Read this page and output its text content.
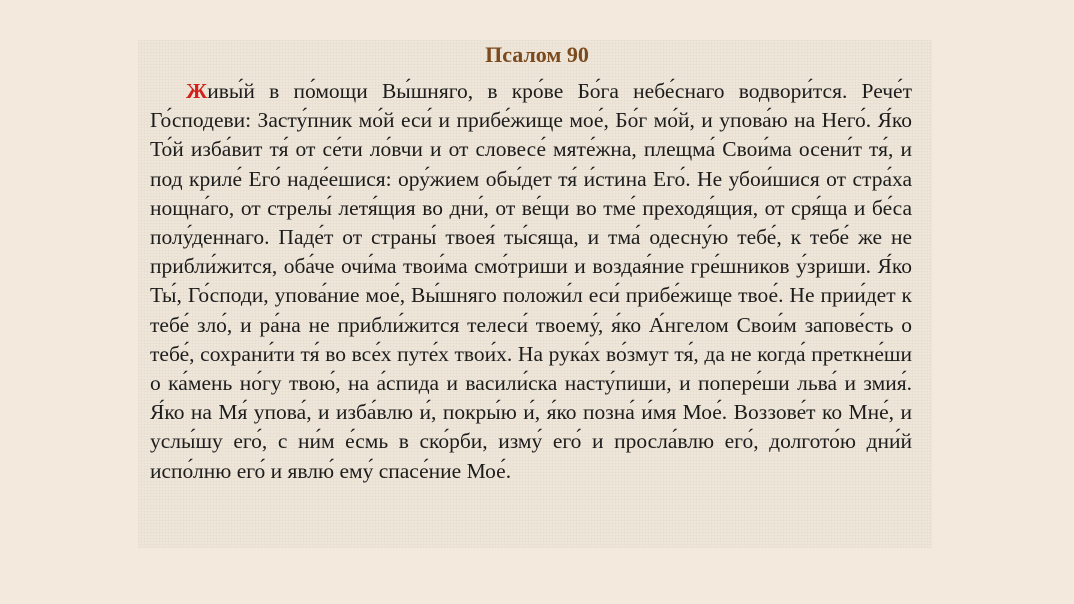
Псалом 90

Живы́й в по́мощи Вы́шняго, в кро́ве Бо́га небе́снаго водвори́тся. Рече́т Го́сподеви: Засту́пник мо́й еси́ и прибе́жище мое́, Бо́г мо́й, и упова́ю на Него́. Я́ко То́й изба́вит тя́ от се́ти ло́вчи и от словесе́ мяте́жна, плещма́ Свои́ма осени́т тя́, и под криле́ Его́ наде́ешися: ору́жием обы́дет тя́ и́стина Его́. Не убои́шися от стра́ха нощна́го, от стрелы́ летя́щия во дни́, от ве́щи во тме́ преходя́щия, от сря́ща и бе́са полу́деннаго. Паде́т от страны́ твоея́ ты́сяща, и тма́ одесну́ю тебе́, к тебе́ же не прибли́жится, оба́че очи́ма твои́ма смо́триши и воздая́ние гре́шников у́зриши. Я́ко Ты́, Го́споди, упова́ние мое́, Вы́шняго положи́л еси́ прибе́жище твое́. Не прии́дет к тебе́ зло́, и ра́на не прибли́жится телеси́ твоему́, я́ко А́нгелом Свои́м запове́сть о тебе́, сохрани́ти тя́ во все́х путе́х твои́х. На рука́х во́змут тя́, да не когда́ преткне́ши о ка́мень но́гу твою́, на а́спида и васили́ска насту́пиши, и попере́ши льва́ и змия́. Я́ко на Мя́ упова́, и изба́влю и́, покры́ю и́, я́ко позна́ и́мя Мое́. Воззове́т ко Мне́, и услы́шу его́, с ни́м е́смь в ско́рби, изму́ его́ и просла́влю его́, долгото́ю дни́й испо́лню его́ и явлю́ ему́ спасе́ние Мое́.
